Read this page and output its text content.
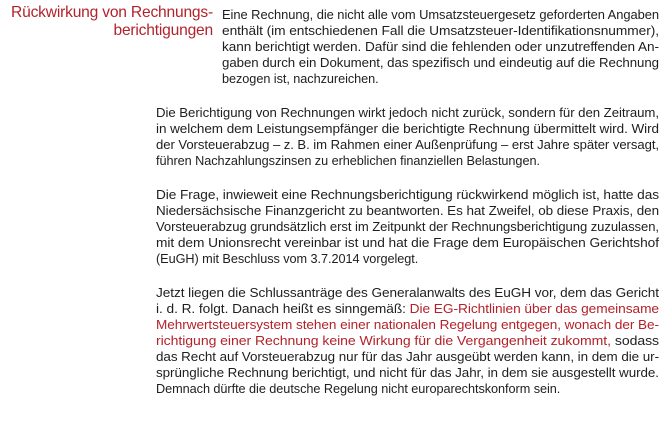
Rückwirkung von Rechnungs-
berichtigungen
Eine Rechnung, die nicht alle vom Umsatzsteuergesetz geforderten Angaben
enthält (im entschiedenen Fall die Umsatzsteuer-Identifikationsnummer),
kann berichtigt werden. Dafür sind die fehlenden oder unzutreffenden An-
gaben durch ein Dokument, das spezifisch und eindeutig auf die Rechnung
bezogen ist, nachzureichen.
Die Berichtigung von Rechnungen wirkt jedoch nicht zurück, sondern für den Zeitraum,
in welchem dem Leistungsempfänger die berichtigte Rechnung übermittelt wird. Wird
der Vorsteuerabzug – z. B. im Rahmen einer Außenprüfung – erst Jahre später versagt,
führen Nachzahlungszinsen zu erheblichen finanziellen Belastungen.
Die Frage, inwieweit eine Rechnungsberichtigung rückwirkend möglich ist, hatte das
Niedersächsische Finanzgericht zu beantworten. Es hat Zweifel, ob diese Praxis, den
Vorsteuerabzug grundsätzlich erst im Zeitpunkt der Rechnungsberichtigung zuzulassen,
mit dem Unionsrecht vereinbar ist und hat die Frage dem Europäischen Gerichtshof
(EuGH) mit Beschluss vom 3.7.2014 vorgelegt.
Jetzt liegen die Schlussanträge des Generalanwalts des EuGH vor, dem das Gericht
i. d. R. folgt. Danach heißt es sinngemäß: Die EG-Richtlinien über das gemeinsame
Mehrwertsteuersystem stehen einer nationalen Regelung entgegen, wonach der Be-
richtigung einer Rechnung keine Wirkung für die Vergangenheit zukommt, sodass
das Recht auf Vorsteuerabzug nur für das Jahr ausgeübt werden kann, in dem die ur-
sprüngliche Rechnung berichtigt, und nicht für das Jahr, in dem sie ausgestellt wurde.
Demnach dürfte die deutsche Regelung nicht europarechtskonform sein.
